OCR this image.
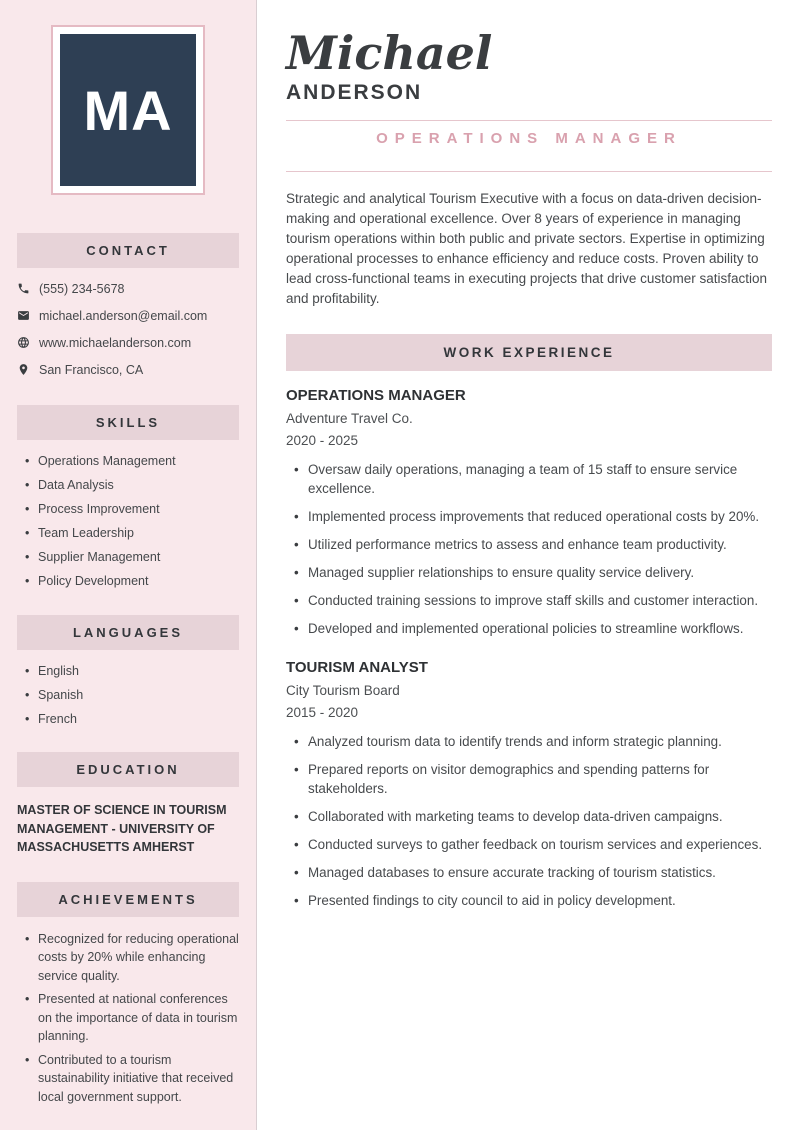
MA
CONTACT
(555) 234-5678
michael.anderson@email.com
www.michaelanderson.com
San Francisco, CA
SKILLS
• Operations Management
• Data Analysis
• Process Improvement
• Team Leadership
• Supplier Management
• Policy Development
LANGUAGES
• English
• Spanish
• French
EDUCATION

MASTER OF SCIENCE IN TOURISM MANAGEMENT - UNIVERSITY OF MASSACHUSETTS AMHERST

ACHIEVEMENTS
• Recognized for reducing operational costs by 20% while enhancing service quality.
• Presented at national conferences on the importance of data in tourism planning.
• Contributed to a tourism sustainability initiative that received local government support.
Michael
ANDERSON
OPERATIONS MANAGER

Strategic and analytical Tourism Executive with a focus on data-driven decision-making and operational excellence. Over 8 years of experience in managing tourism operations within both public and private sectors. Expertise in optimizing operational processes to enhance efficiency and reduce costs. Proven ability to lead cross-functional teams in executing projects that drive customer satisfaction and profitability.

WORK EXPERIENCE
OPERATIONS MANAGER
Adventure Travel Co.
2020 - 2025
• Oversaw daily operations, managing a team of 15 staff to ensure service excellence.
• Implemented process improvements that reduced operational costs by 20%.
• Utilized performance metrics to assess and enhance team productivity.
• Managed supplier relationships to ensure quality service delivery.
• Conducted training sessions to improve staff skills and customer interaction.
• Developed and implemented operational policies to streamline workflows.
TOURISM ANALYST
City Tourism Board
2015 - 2020
• Analyzed tourism data to identify trends and inform strategic planning.
• Prepared reports on visitor demographics and spending patterns for stakeholders.
• Collaborated with marketing teams to develop data-driven campaigns.
• Conducted surveys to gather feedback on tourism services and experiences.
• Managed databases to ensure accurate tracking of tourism statistics.
• Presented findings to city council to aid in policy development.
